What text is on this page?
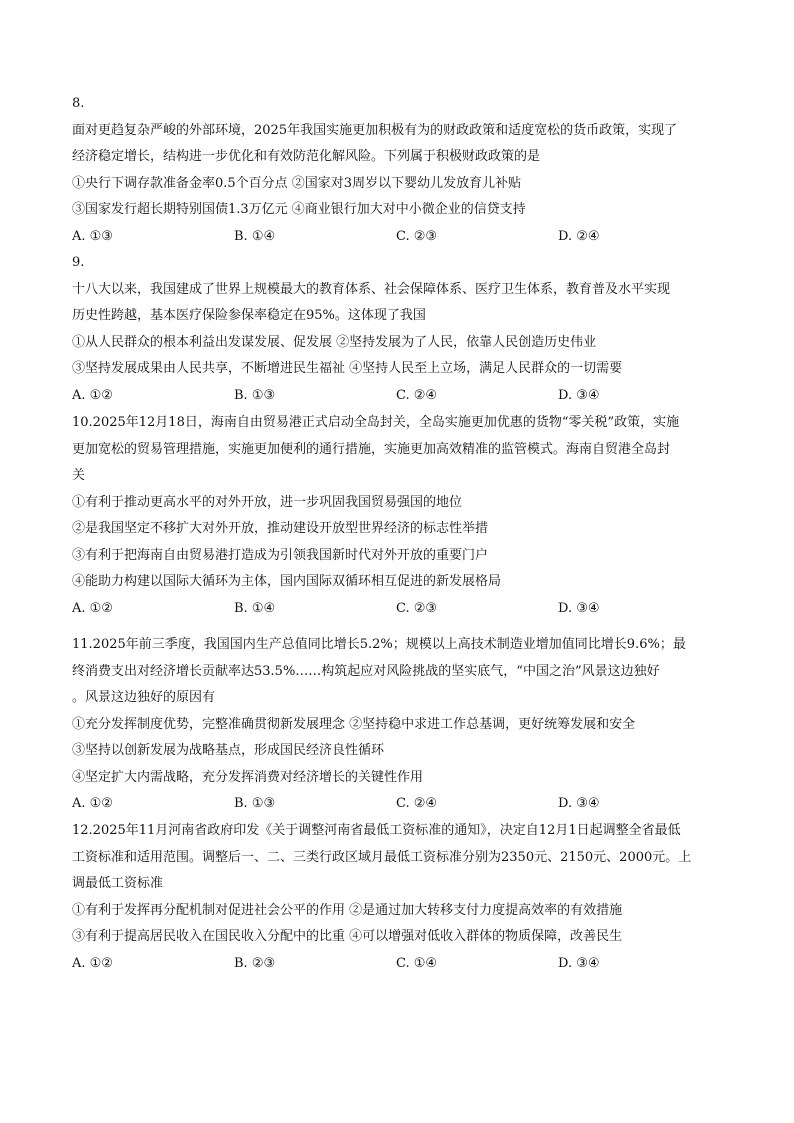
8.
面对更趋复杂严峻的外部环境，2025年我国实施更加积极有为的财政政策和适度宽松的货币政策，实现了
经济稳定增长，结构进一步优化和有效防范化解风险。下列属于积极财政政策的是
①央行下调存款准备金率0.5个百分点 ②国家对3周岁以下婴幼儿发放育儿补贴
③国家发行超长期特别国债1.3万亿元 ④商业银行加大对中小微企业的信贷支持
A. ①③	B. ①④	C. ②③	D. ②④
9.
十八大以来，我国建成了世界上规模最大的教育体系、社会保障体系、医疗卫生体系，教育普及水平实现
历史性跨越，基本医疗保险参保率稳定在95%。这体现了我国
①从人民群众的根本利益出发谋发展、促发展 ②坚持发展为了人民，依靠人民创造历史伟业
③坚持发展成果由人民共享，不断增进民生福祉 ④坚持人民至上立场，满足人民群众的一切需要
A. ①②	B. ①③	C. ②④	D. ③④
10.2025年12月18日，海南自由贸易港正式启动全岛封关，全岛实施更加优惠的货物“零关税”政策，实施
更加宽松的贸易管理措施，实施更加便利的通行措施，实施更加高效精准的监管模式。海南自贸港全岛封
关
①有利于推动更高水平的对外开放，进一步巩固我国贸易强国的地位
②是我国坚定不移扩大对外开放，推动建设开放型世界经济的标志性举措
③有利于把海南自由贸易港打造成为引领我国新时代对外开放的重要门户
④能助力构建以国际大循环为主体，国内国际双循环相互促进的新发展格局
A. ①②	B. ①④	C. ②③	D. ③④
11.2025年前三季度，我国国内生产总值同比增长5.2%；规模以上高技术制造业增加值同比增长9.6%；最
终消费支出对经济增长贡献率达53.5%……构筑起应对风险挑战的坚实底气，“中国之治”风景这边独好
。风景这边独好的原因有
①充分发挥制度优势，完整准确贯彻新发展理念 ②坚持稳中求进工作总基调，更好统筹发展和安全
③坚持以创新发展为战略基点，形成国民经济良性循环
④坚定扩大内需战略，充分发挥消费对经济增长的关键性作用
A. ①②	B. ①③	C. ②④	D. ③④
12.2025年11月河南省政府印发《关于调整河南省最低工资标准的通知》，决定自12月1日起调整全省最低
工资标准和适用范围。调整后一、二、三类行政区域月最低工资标准分别为2350元、2150元、2000元。上
调最低工资标准
①有利于发挥再分配机制对促进社会公平的作用 ②是通过加大转移支付力度提高效率的有效措施
③有利于提高居民收入在国民收入分配中的比重 ④可以增强对低收入群体的物质保障，改善民生
A. ①②	B. ②③	C. ①④	D. ③④
